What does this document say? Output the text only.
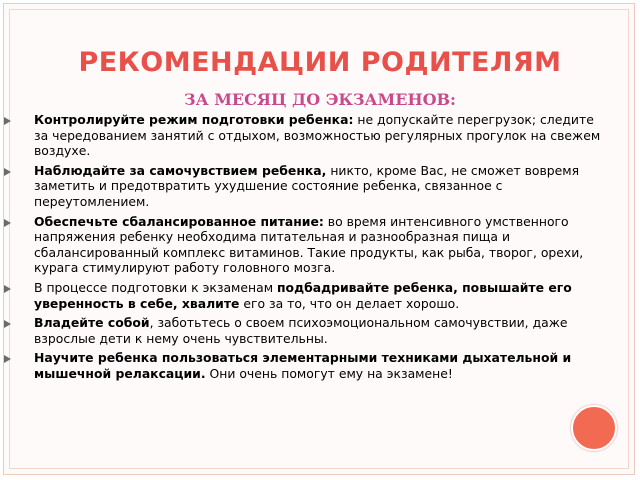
РЕКОМЕНДАЦИИ РОДИТЕЛЯМ
ЗА МЕСЯЦ ДО ЭКЗАМЕНОВ:
Контролируйте режим подготовки ребенка: не допускайте перегрузок; следите за чередованием занятий с отдыхом, возможностью регулярных прогулок на свежем воздухе.
Наблюдайте за самочувствием ребенка, никто, кроме Вас, не сможет вовремя заметить и предотвратить ухудшение состояние ребенка, связанное с переутомлением.
Обеспечьте сбалансированное питание: во время интенсивного умственного напряжения ребенку необходима питательная и разнообразная пища и сбалансированный комплекс витаминов. Такие продукты, как рыба, творог, орехи, курага стимулируют работу головного мозга.
В процессе подготовки к экзаменам подбадривайте ребенка, повышайте его уверенность в себе, хвалите его за то, что он делает хорошо.
Владейте собой, заботьтесь о своем психоэмоциональном самочувствии, даже взрослые дети к нему очень чувствительны.
Научите ребенка пользоваться элементарными техниками дыхательной и мышечной релаксации. Они очень помогут ему на экзамене!
